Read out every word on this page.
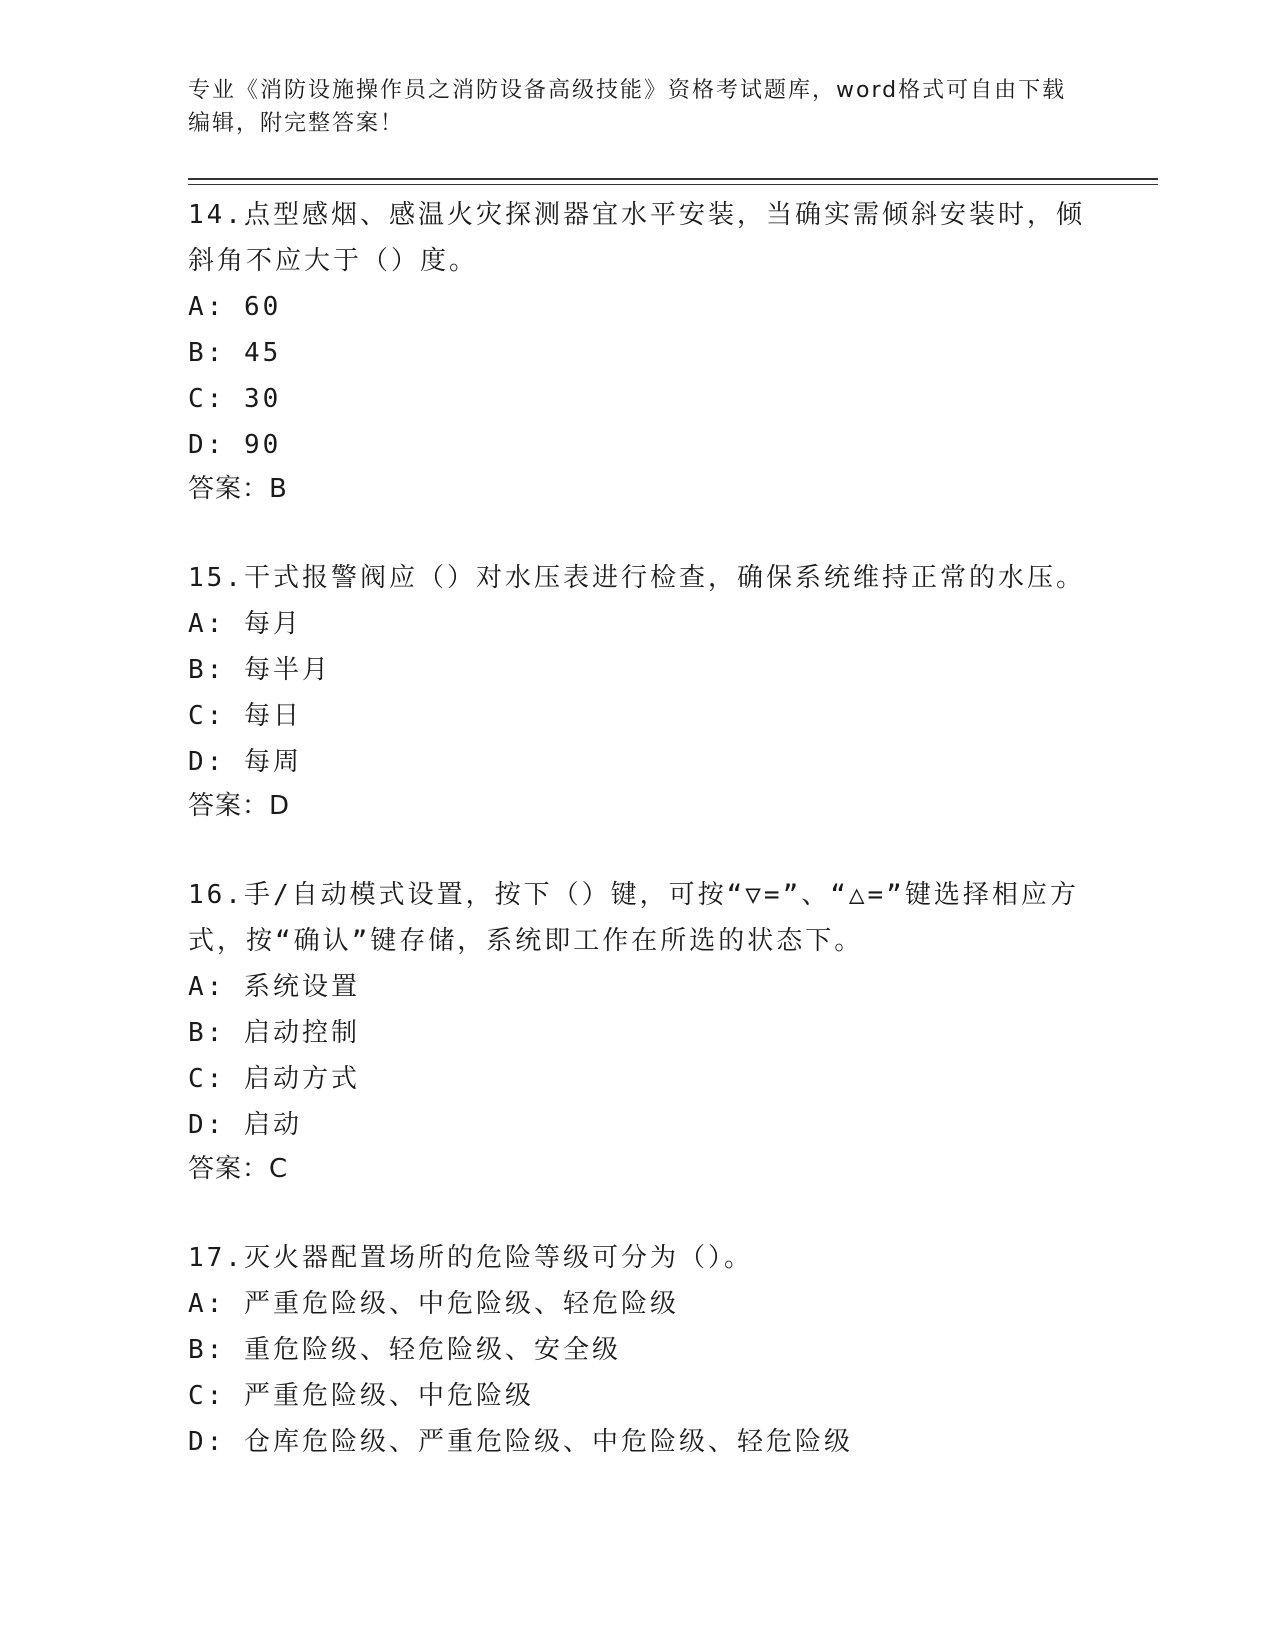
专业《消防设施操作员之消防设备高级技能》资格考试题库，word格式可自由下载编辑，附完整答案！

14.点型感烟、感温火灾探测器宜水平安装，当确实需倾斜安装时，倾斜角不应大于（）度。

A: 60

B: 45

C: 30

D: 90

答案：B

15.干式报警阀应（）对水压表进行检查，确保系统维持正常的水压。

A: 每月

B: 每半月

C: 每日

D: 每周

答案：D

16.手/自动模式设置，按下（）键，可按“▽=”、“△=”键选择相应方式，按“确认”键存储，系统即工作在所选的状态下。

A: 系统设置

B: 启动控制

C: 启动方式

D: 启动

答案：C

17.灭火器配置场所的危险等级可分为（）。

A: 严重危险级、中危险级、轻危险级

B: 重危险级、轻危险级、安全级

C: 严重危险级、中危险级

D: 仓库危险级、严重危险级、中危险级、轻危险级
